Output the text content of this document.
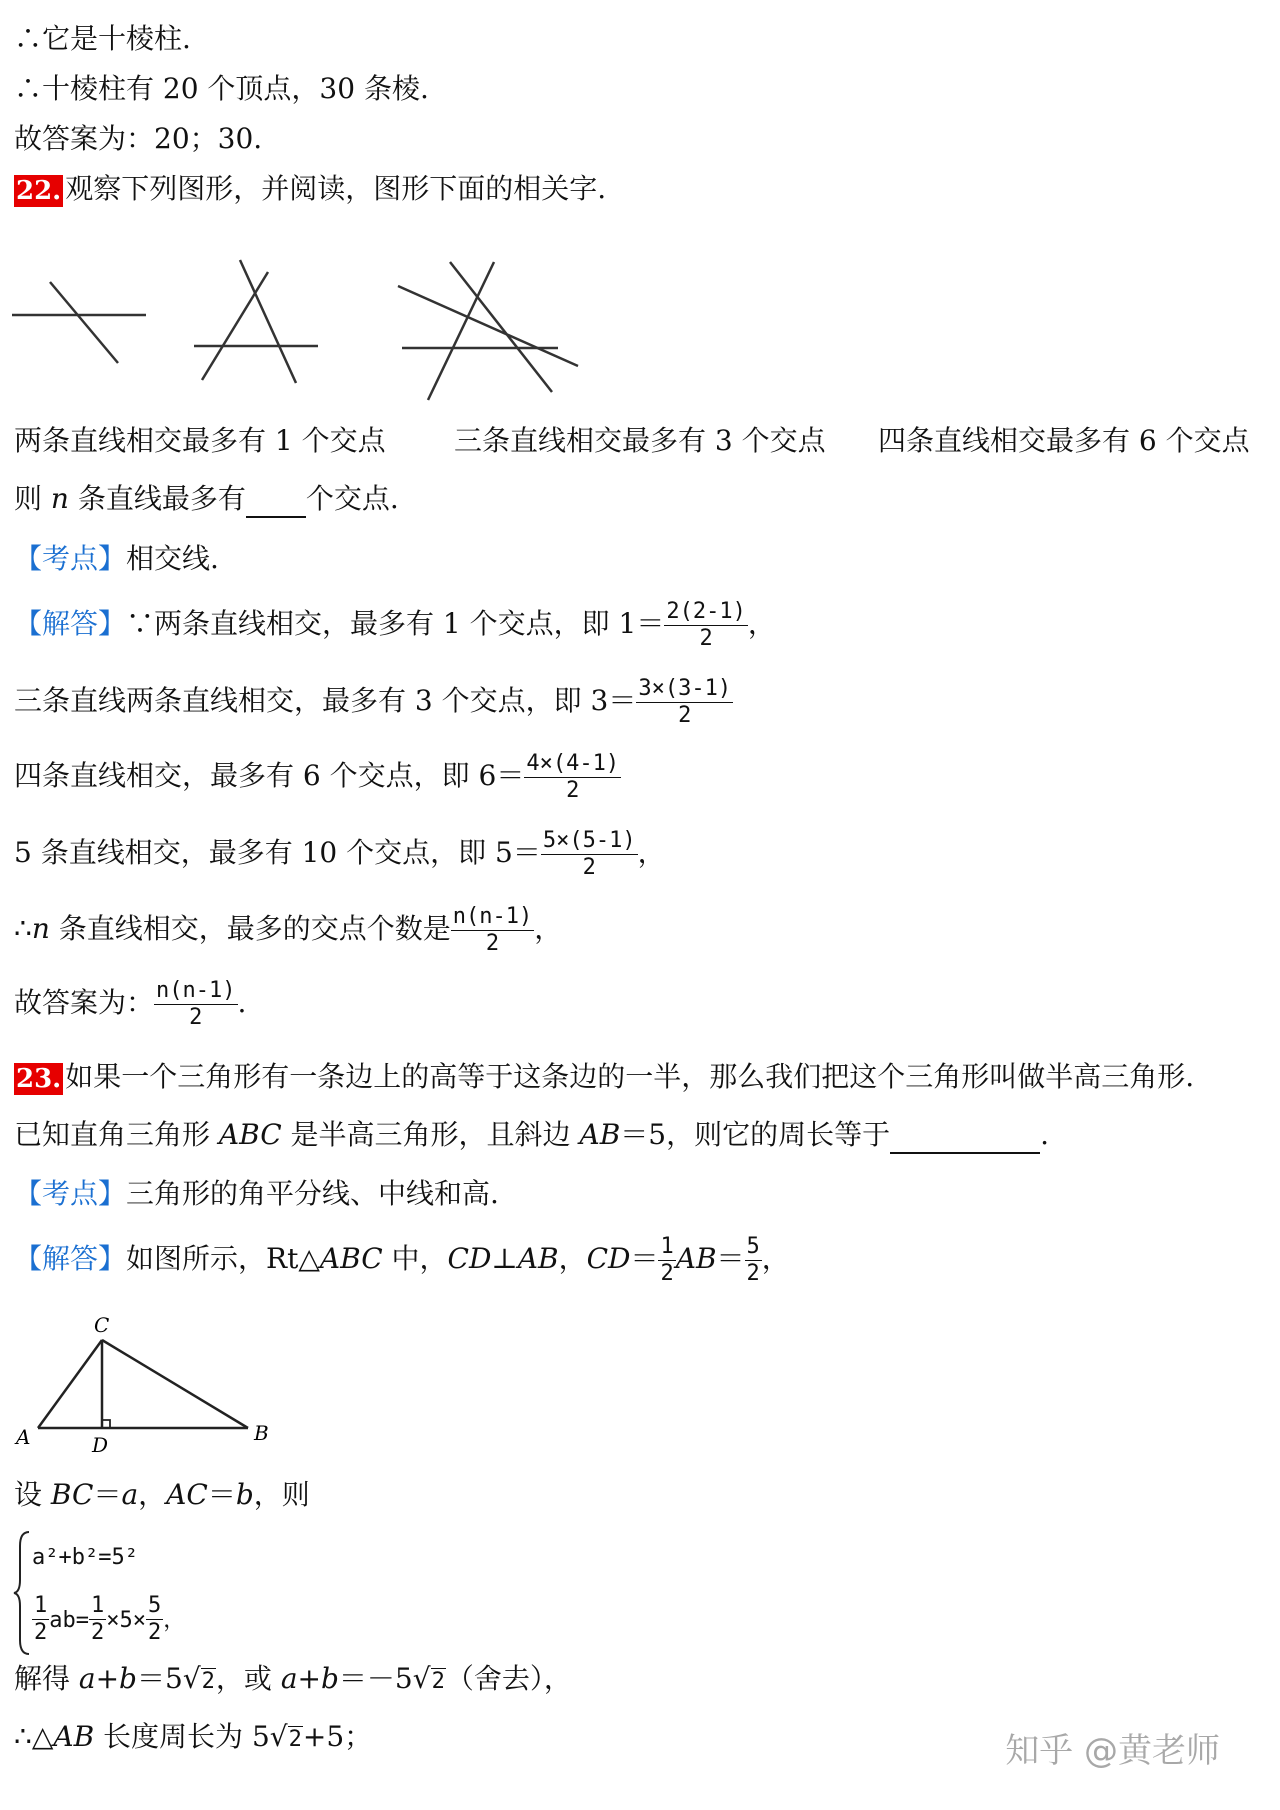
∴它是十棱柱.
∴十棱柱有 20 个顶点，30 条棱.
故答案为：20；30.
22. 观察下列图形，并阅读，图形下面的相关字.
两条直线相交最多有 1 个交点 三条直线相交最多有 3 个交点 四条直线相交最多有 6 个交点
则 n 条直线最多有 个交点.
【考点】相交线.
【解答】∵两条直线相交，最多有 1 个交点，即 $1= \frac{2(2-1)}{2}$ ，
三条直线两条直线相交，最多有 3 个交点，即 $3= \frac{3\times(3-1)}{2}$
四条直线相交，最多有 6 个交点，即 $6= \frac{4\times(4-1)}{2}$
5 条直线相交，最多有 10 个交点，即 $5= \frac{5\times(5-1)}{2}$ ，
∴n 条直线相交，最多的交点个数是 $\frac{n(n-1)}{2}$ ，
故答案为： $\frac{n(n-1)}{2}$ .
23. 如果一个三角形有一条边上的高等于这条边的一半，那么我们把这个三角形叫做半高三角形.
已知直角三角形 ABC 是半高三角形，且斜边 AB＝5，则它的周长等于	.
【考点】三角形的角平分线、中线和高.
【解答】如图所示，Rt△ABC 中，CD⊥AB，$CD= \frac{1}{2} AB= \frac{5}{2}$ ，
C
A	D	B
设 BC＝a，AC＝b，则
a²+b²=5²
$\frac{1}{2} ab= \frac{1}{2} \times 5\times \frac{5}{2}$ ，
解得 a+b＝5√2，或 a+b＝－5√2（舍去），
∴△AB 长度周长为 5√2+5；	知乎 @黄老师
